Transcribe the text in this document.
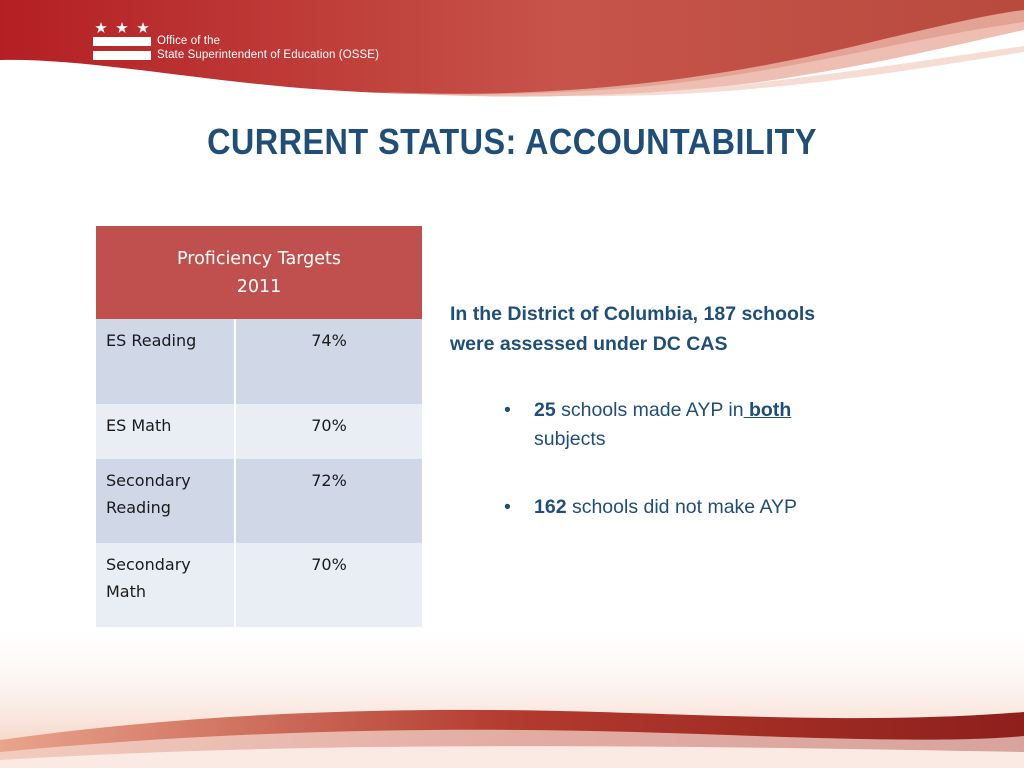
Office of the
State Superintendent of Education (OSSE)
CURRENT STATUS: ACCOUNTABILITY
Proficiency Targets
2011	

ES Reading	74%
ES Math	70%

Secondary
Reading	72%

Secondary
Math	70%
In the District of Columbia, 187 schools
were assessed under DC CAS
• 25 schools made AYP in both
subjects
• 162 schools did not make AYP
